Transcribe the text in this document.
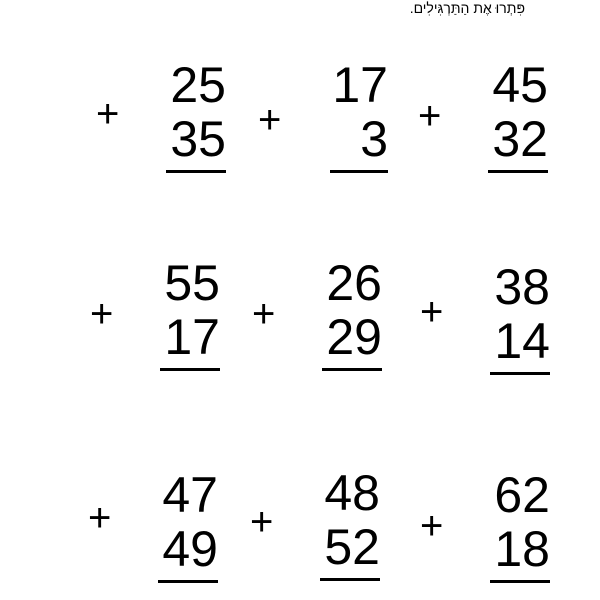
פִּתְרוּ אֶת הַתַּרְגִּילִים.
+
25
35 +
17
3 +
45
32
+
55
17 +
26
29 + 38
14
+ 47
49 +
48
52 +
62
18
